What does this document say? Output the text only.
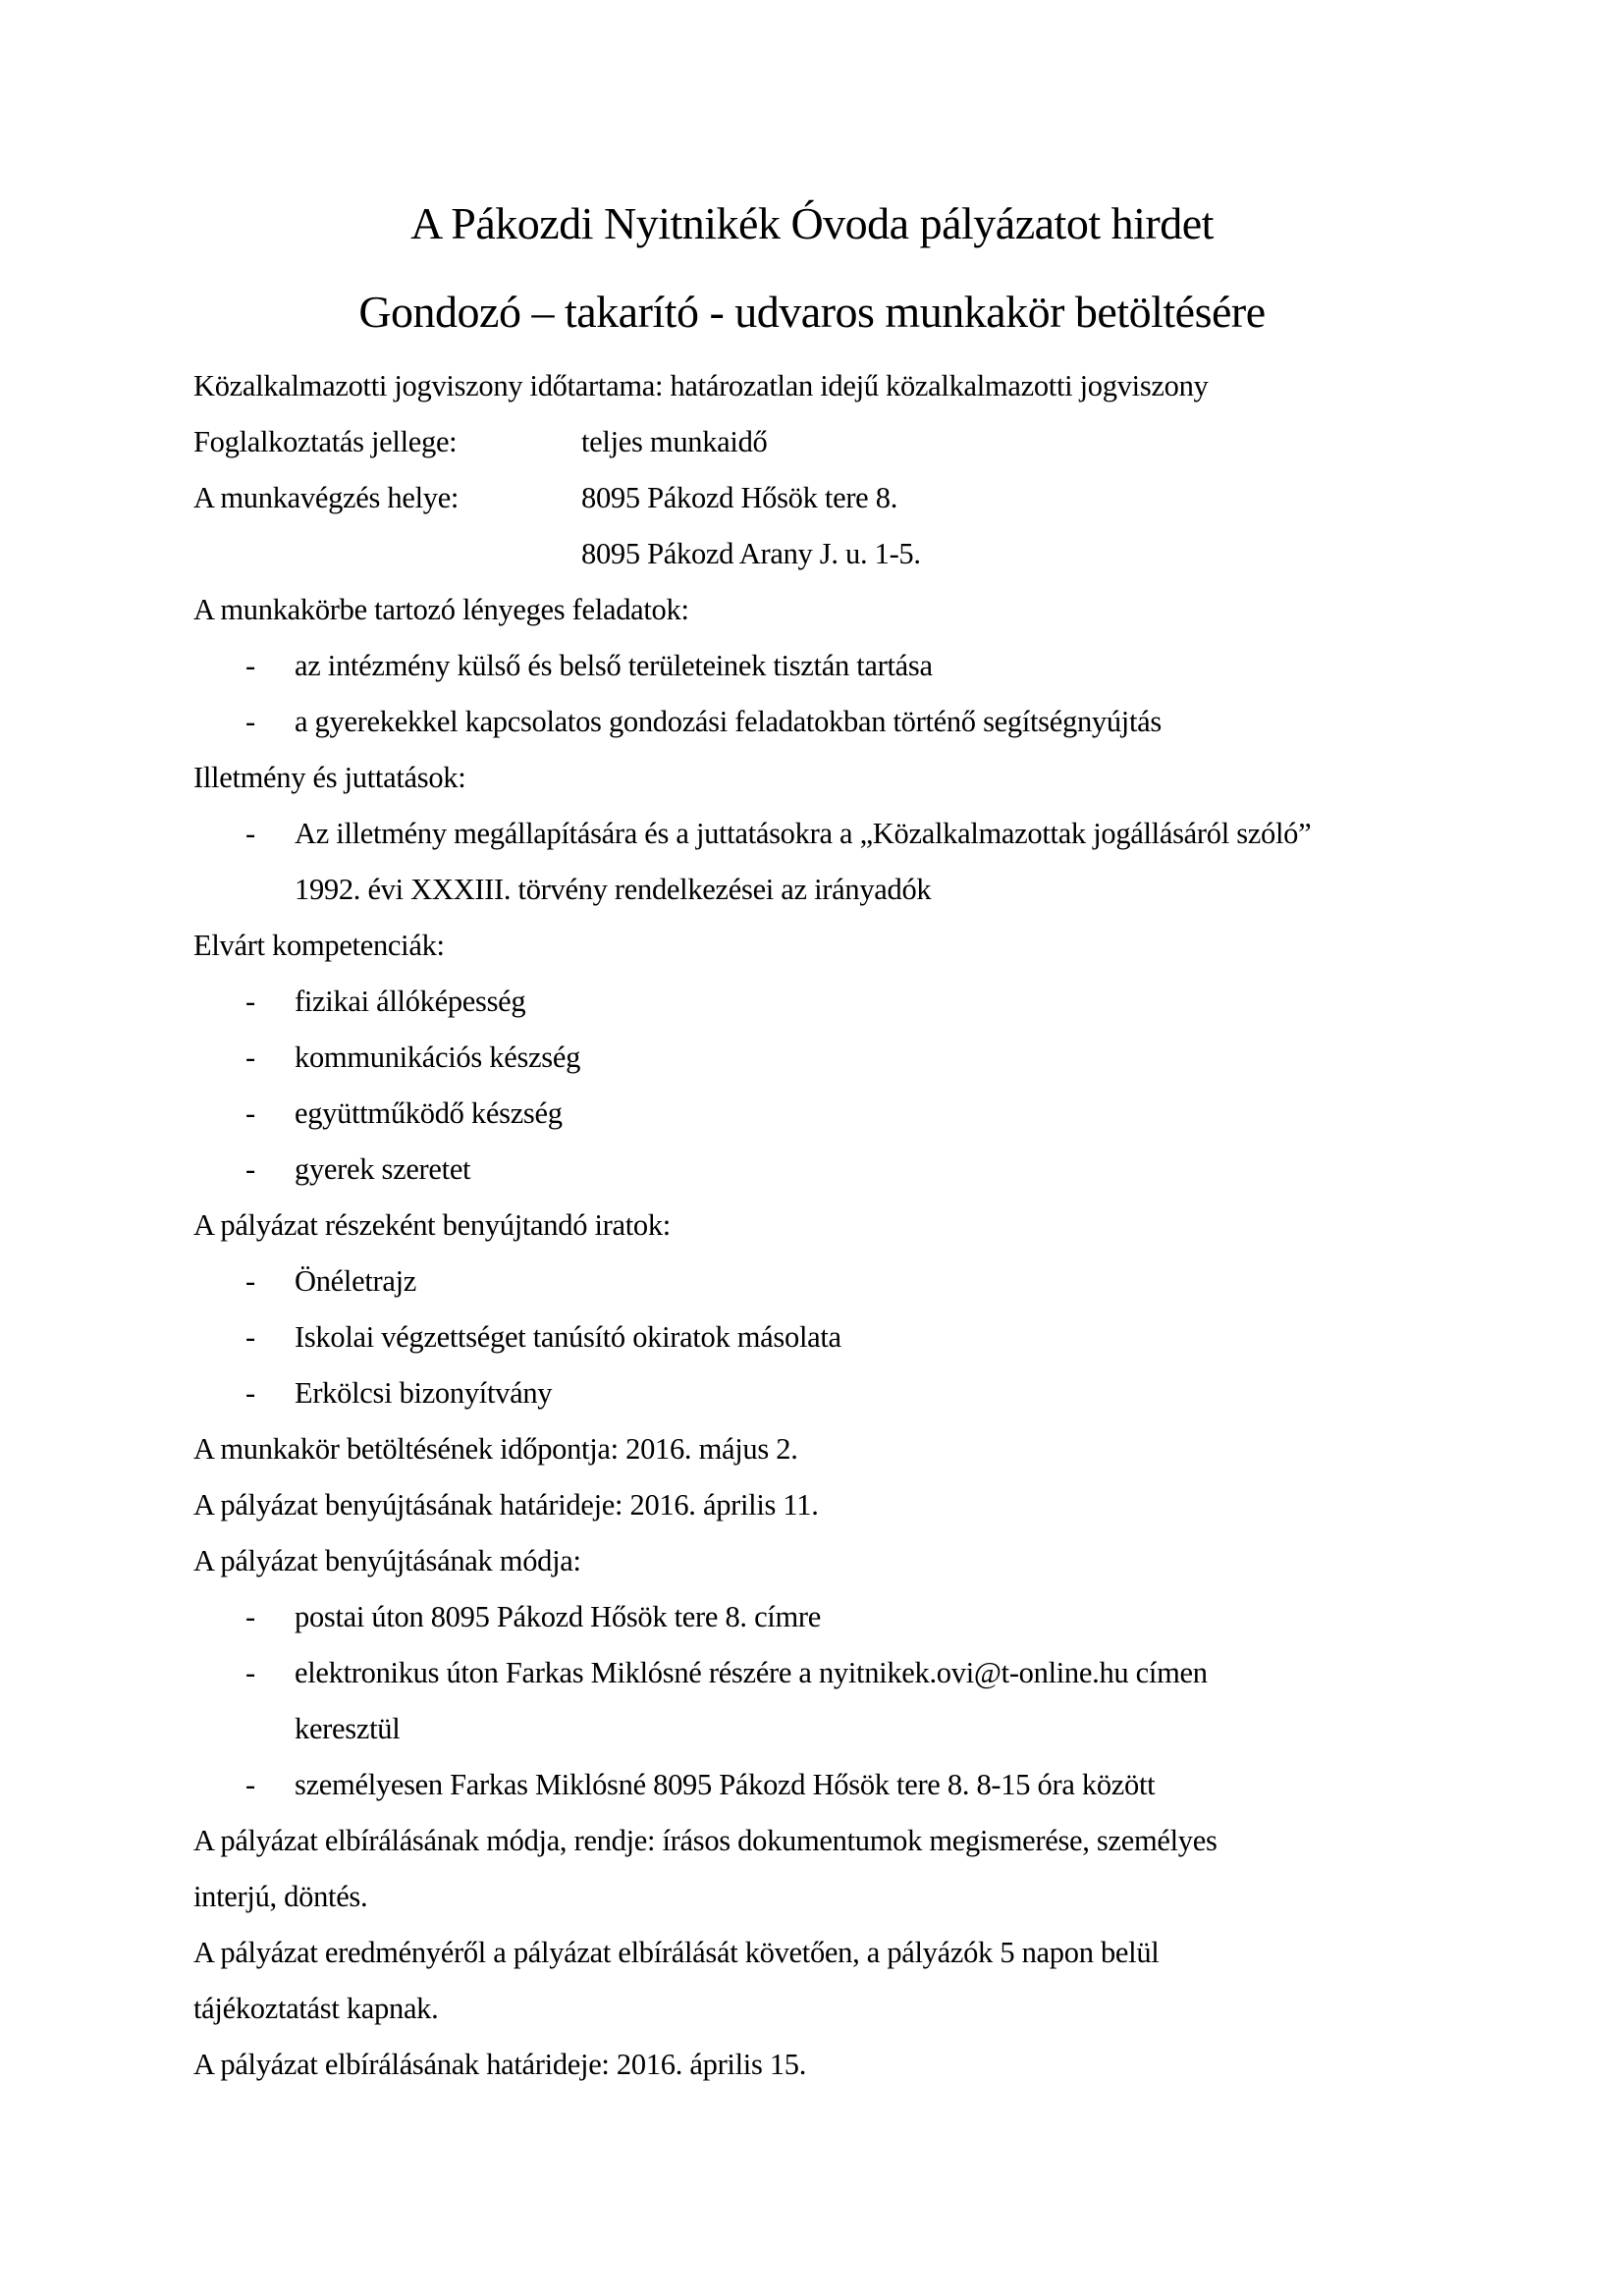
A Pákozdi Nyitnikék Óvoda pályázatot hirdet
Gondozó – takarító - udvaros munkakör betöltésére
Közalkalmazotti jogviszony időtartama: határozatlan idejű közalkalmazotti jogviszony
Foglalkoztatás jellege:	teljes munkaidő
A munkavégzés helye:	8095 Pákozd Hősök tere 8.
8095 Pákozd Arany J. u. 1-5.
A munkakörbe tartozó lényeges feladatok:
- az intézmény külső és belső területeinek tisztán tartása
- a gyerekekkel kapcsolatos gondozási feladatokban történő segítségnyújtás
Illetmény és juttatások:
- Az illetmény megállapítására és a juttatásokra a „Közalkalmazottak jogállásáról szóló”
1992. évi XXXIII. törvény rendelkezései az irányadók
Elvárt kompetenciák:
- fizikai állóképesség
- kommunikációs készség
- együttműködő készség
- gyerek szeretet
A pályázat részeként benyújtandó iratok:
- Önéletrajz
- Iskolai végzettséget tanúsító okiratok másolata
- Erkölcsi bizonyítvány
A munkakör betöltésének időpontja: 2016. május 2.
A pályázat benyújtásának határideje: 2016. április 11.
A pályázat benyújtásának módja:
- postai úton 8095 Pákozd Hősök tere 8. címre
- elektronikus úton Farkas Miklósné részére a nyitnikek.ovi@t-online.hu címen
keresztül
- személyesen Farkas Miklósné 8095 Pákozd Hősök tere 8. 8-15 óra között
A pályázat elbírálásának módja, rendje: írásos dokumentumok megismerése, személyes
interjú, döntés.
A pályázat eredményéről a pályázat elbírálását követően, a pályázók 5 napon belül
tájékoztatást kapnak.
A pályázat elbírálásának határideje: 2016. április 15.
